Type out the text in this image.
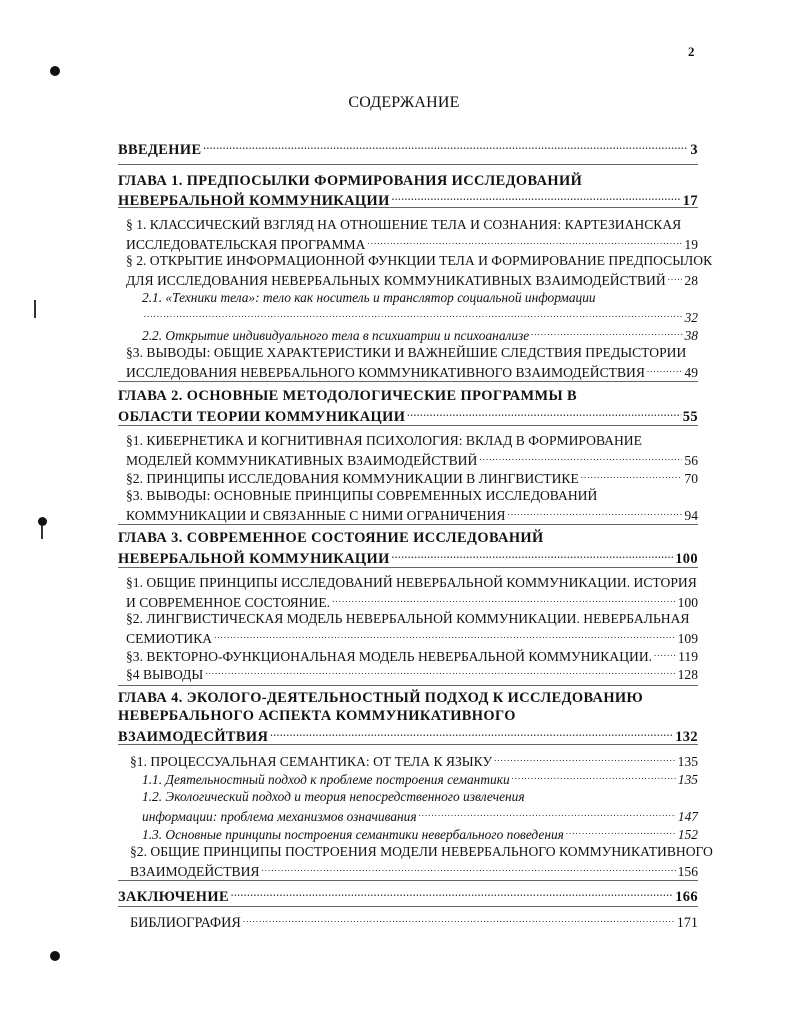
2
СОДЕРЖАНИЕ
ВВЕДЕНИЕ .....	3
ГЛАВА 1. ПРЕДПОСЫЛКИ ФОРМИРОВАНИЯ ИССЛЕДОВАНИЙ
НЕВЕРБАЛЬНОЙ КОММУНИКАЦИИ .....	17
§ 1. КЛАССИЧЕСКИЙ ВЗГЛЯД НА ОТНОШЕНИЕ ТЕЛА И СОЗНАНИЯ: КАРТЕЗИАНСКАЯ
ИССЛЕДОВАТЕЛЬСКАЯ ПРОГРАММА .....	19
§ 2. ОТКРЫТИЕ ИНФОРМАЦИОННОЙ ФУНКЦИИ ТЕЛА И ФОРМИРОВАНИЕ ПРЕДПОСЫЛОК
ДЛЯ ИССЛЕДОВАНИЯ НЕВЕРБАЛЬНЫХ КОММУНИКАТИВНЫХ ВЗАИМОДЕЙСТВИЙ ..... 28
2.1. «Техники тела»: тело как носитель и транслятор социальной информации
.....
32
2.2. Открытие индивидуального тела в психиатрии и психоанализе .....	38
§3. ВЫВОДЫ: ОБЩИЕ ХАРАКТЕРИСТИКИ И ВАЖНЕЙШИЕ СЛЕДСТВИЯ ПРЕДЫСТОРИИ
ИССЛЕДОВАНИЯ НЕВЕРБАЛЬНОГО КОММУНИКАТИВНОГО ВЗАИМОДЕЙСТВИЯ .....	49
ГЛАВА 2. ОСНОВНЫЕ МЕТОДОЛОГИЧЕСКИЕ ПРОГРАММЫ В
ОБЛАСТИ ТЕОРИИ КОММУНИКАЦИИ .....	55
§1. КИБЕРНЕТИКА И КОГНИТИВНАЯ ПСИХОЛОГИЯ: ВКЛАД В ФОРМИРОВАНИЕ
МОДЕЛЕЙ КОММУНИКАТИВНЫХ ВЗАИМОДЕЙСТВИЙ .....	56
§2. ПРИНЦИПЫ ИССЛЕДОВАНИЯ КОММУНИКАЦИИ В ЛИНГВИСТИКЕ .....	70
§3. ВЫВОДЫ: ОСНОВНЫЕ ПРИНЦИПЫ СОВРЕМЕННЫХ ИССЛЕДОВАНИЙ
КОММУНИКАЦИИ И СВЯЗАННЫЕ С НИМИ ОГРАНИЧЕНИЯ .....	94
ГЛАВА 3. СОВРЕМЕННОЕ СОСТОЯНИЕ ИССЛЕДОВАНИЙ
НЕВЕРБАЛЬНОЙ КОММУНИКАЦИИ .....	100
§1. ОБЩИЕ ПРИНЦИПЫ ИССЛЕДОВАНИЙ НЕВЕРБАЛЬНОЙ КОММУНИКАЦИИ. ИСТОРИЯ
И СОВРЕМЕННОЕ СОСТОЯНИЕ. .....	100
§2. ЛИНГВИСТИЧЕСКАЯ МОДЕЛЬ НЕВЕРБАЛЬНОЙ КОММУНИКАЦИИ. НЕВЕРБАЛЬНАЯ
СЕМИОТИКА .....	109
§3. ВЕКТОРНО-ФУНКЦИОНАЛЬНАЯ МОДЕЛЬ НЕВЕРБАЛЬНОЙ КОММУНИКАЦИИ. ..... 119
§4 ВЫВОДЫ .....	128
ГЛАВА 4. ЭКОЛОГО-ДЕЯТЕЛЬНОСТНЫЙ ПОДХОД К ИССЛЕДОВАНИЮ
НЕВЕРБАЛЬНОГО АСПЕКТА КОММУНИКАТИВНОГО
ВЗАИМОДЕСЙТВИЯ .....	132
§1. ПРОЦЕССУАЛЬНАЯ СЕМАНТИКА: ОТ ТЕЛА К ЯЗЫКУ .....	135
1.1. Деятельностный подход к проблеме построения семантики .....	135
1.2. Экологический подход и теория непосредственного извлечения
информации: проблема механизмов означивания .....	147
1.3. Основные принципы построения семантики невербального поведения .....	152
§2. ОБЩИЕ ПРИНЦИПЫ ПОСТРОЕНИЯ МОДЕЛИ НЕВЕРБАЛЬНОГО КОММУНИКАТИВНОГО
ВЗАИМОДЕЙСТВИЯ .....	156
ЗАКЛЮЧЕНИЕ .....	166
БИБЛИОГРАФИЯ .....	171
